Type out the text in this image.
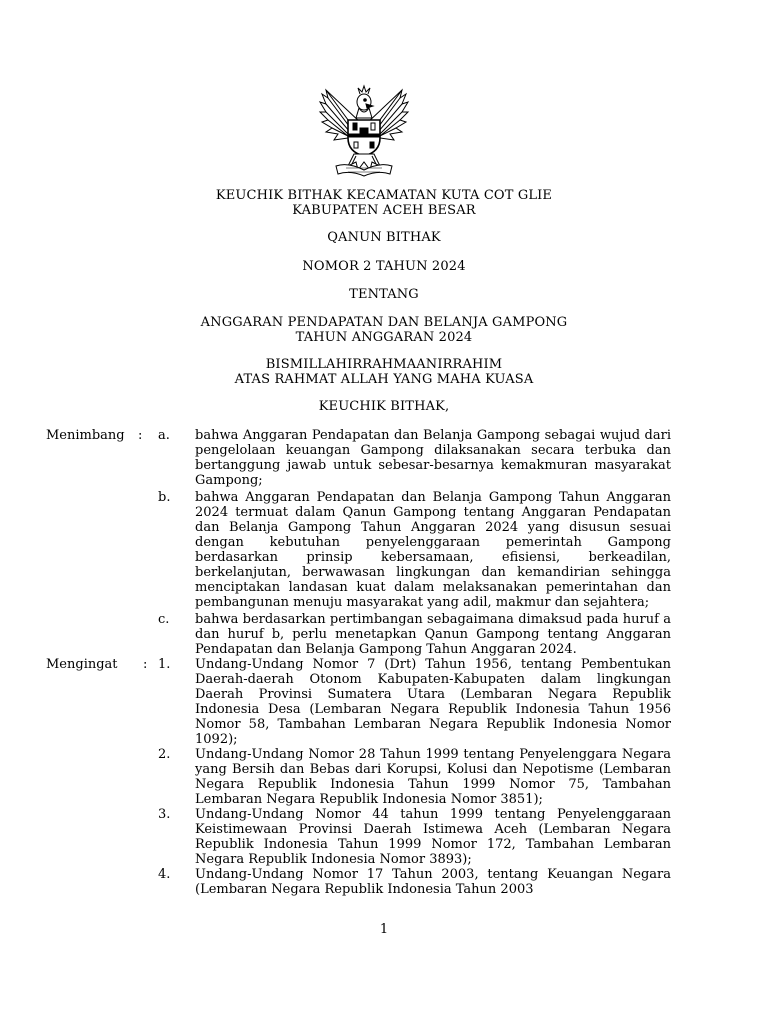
KEUCHIK BITHAK KECAMATAN KUTA COT GLIE
KABUPATEN ACEH BESAR
QANUN BITHAK
NOMOR 2 TAHUN 2024
TENTANG
ANGGARAN PENDAPATAN DAN BELANJA GAMPONG
TAHUN ANGGARAN 2024
BISMILLAHIRRAHMAANIRRAHIM
ATAS RAHMAT ALLAH YANG MAHA KUASA
KEUCHIK BITHAK,
Menimbang	: a. bahwa Anggaran Pendapatan dan Belanja Gampong sebagai wujud dari pengelolaan keuangan Gampong dilaksanakan secara terbuka dan bertanggung jawab untuk sebesar-besarnya kemakmuran masyarakat Gampong;
b. bahwa Anggaran Pendapatan dan Belanja Gampong Tahun Anggaran 2024 termuat dalam Qanun Gampong tentang Anggaran Pendapatan dan Belanja Gampong Tahun Anggaran 2024 yang disusun sesuai dengan kebutuhan penyelenggaraan pemerintah Gampong berdasarkan prinsip kebersamaan, efisiensi, berkeadilan, berkelanjutan, berwawasan lingkungan dan kemandirian sehingga menciptakan landasan kuat dalam melaksanakan pemerintahan dan pembangunan menuju masyarakat yang adil, makmur dan sejahtera;
c. bahwa berdasarkan pertimbangan sebagaimana dimaksud pada huruf a dan huruf b, perlu menetapkan Qanun Gampong tentang Anggaran Pendapatan dan Belanja Gampong Tahun Anggaran 2024.
Mengingat	: 1. Undang-Undang Nomor 7 (Drt) Tahun 1956, tentang Pembentukan Daerah-daerah Otonom Kabupaten-Kabupaten dalam lingkungan Daerah Provinsi Sumatera Utara (Lembaran Negara Republik Indonesia Desa (Lembaran Negara Republik Indonesia Tahun 1956 Nomor 58, Tambahan Lembaran Negara Republik Indonesia Nomor 1092);
2. Undang-Undang Nomor 28 Tahun 1999 tentang Penyelenggara Negara yang Bersih dan Bebas dari Korupsi, Kolusi dan Nepotisme (Lembaran Negara Republik Indonesia Tahun 1999 Nomor 75, Tambahan Lembaran Negara Republik Indonesia Nomor 3851);
3. Undang-Undang Nomor 44 tahun 1999 tentang Penyelenggaraan Keistimewaan Provinsi Daerah Istimewa Aceh (Lembaran Negara Republik Indonesia Tahun 1999 Nomor 172, Tambahan Lembaran Negara Republik Indonesia Nomor 3893);
4. Undang-Undang Nomor 17 Tahun 2003, tentang Keuangan Negara (Lembaran Negara Republik Indonesia Tahun 2003
1
